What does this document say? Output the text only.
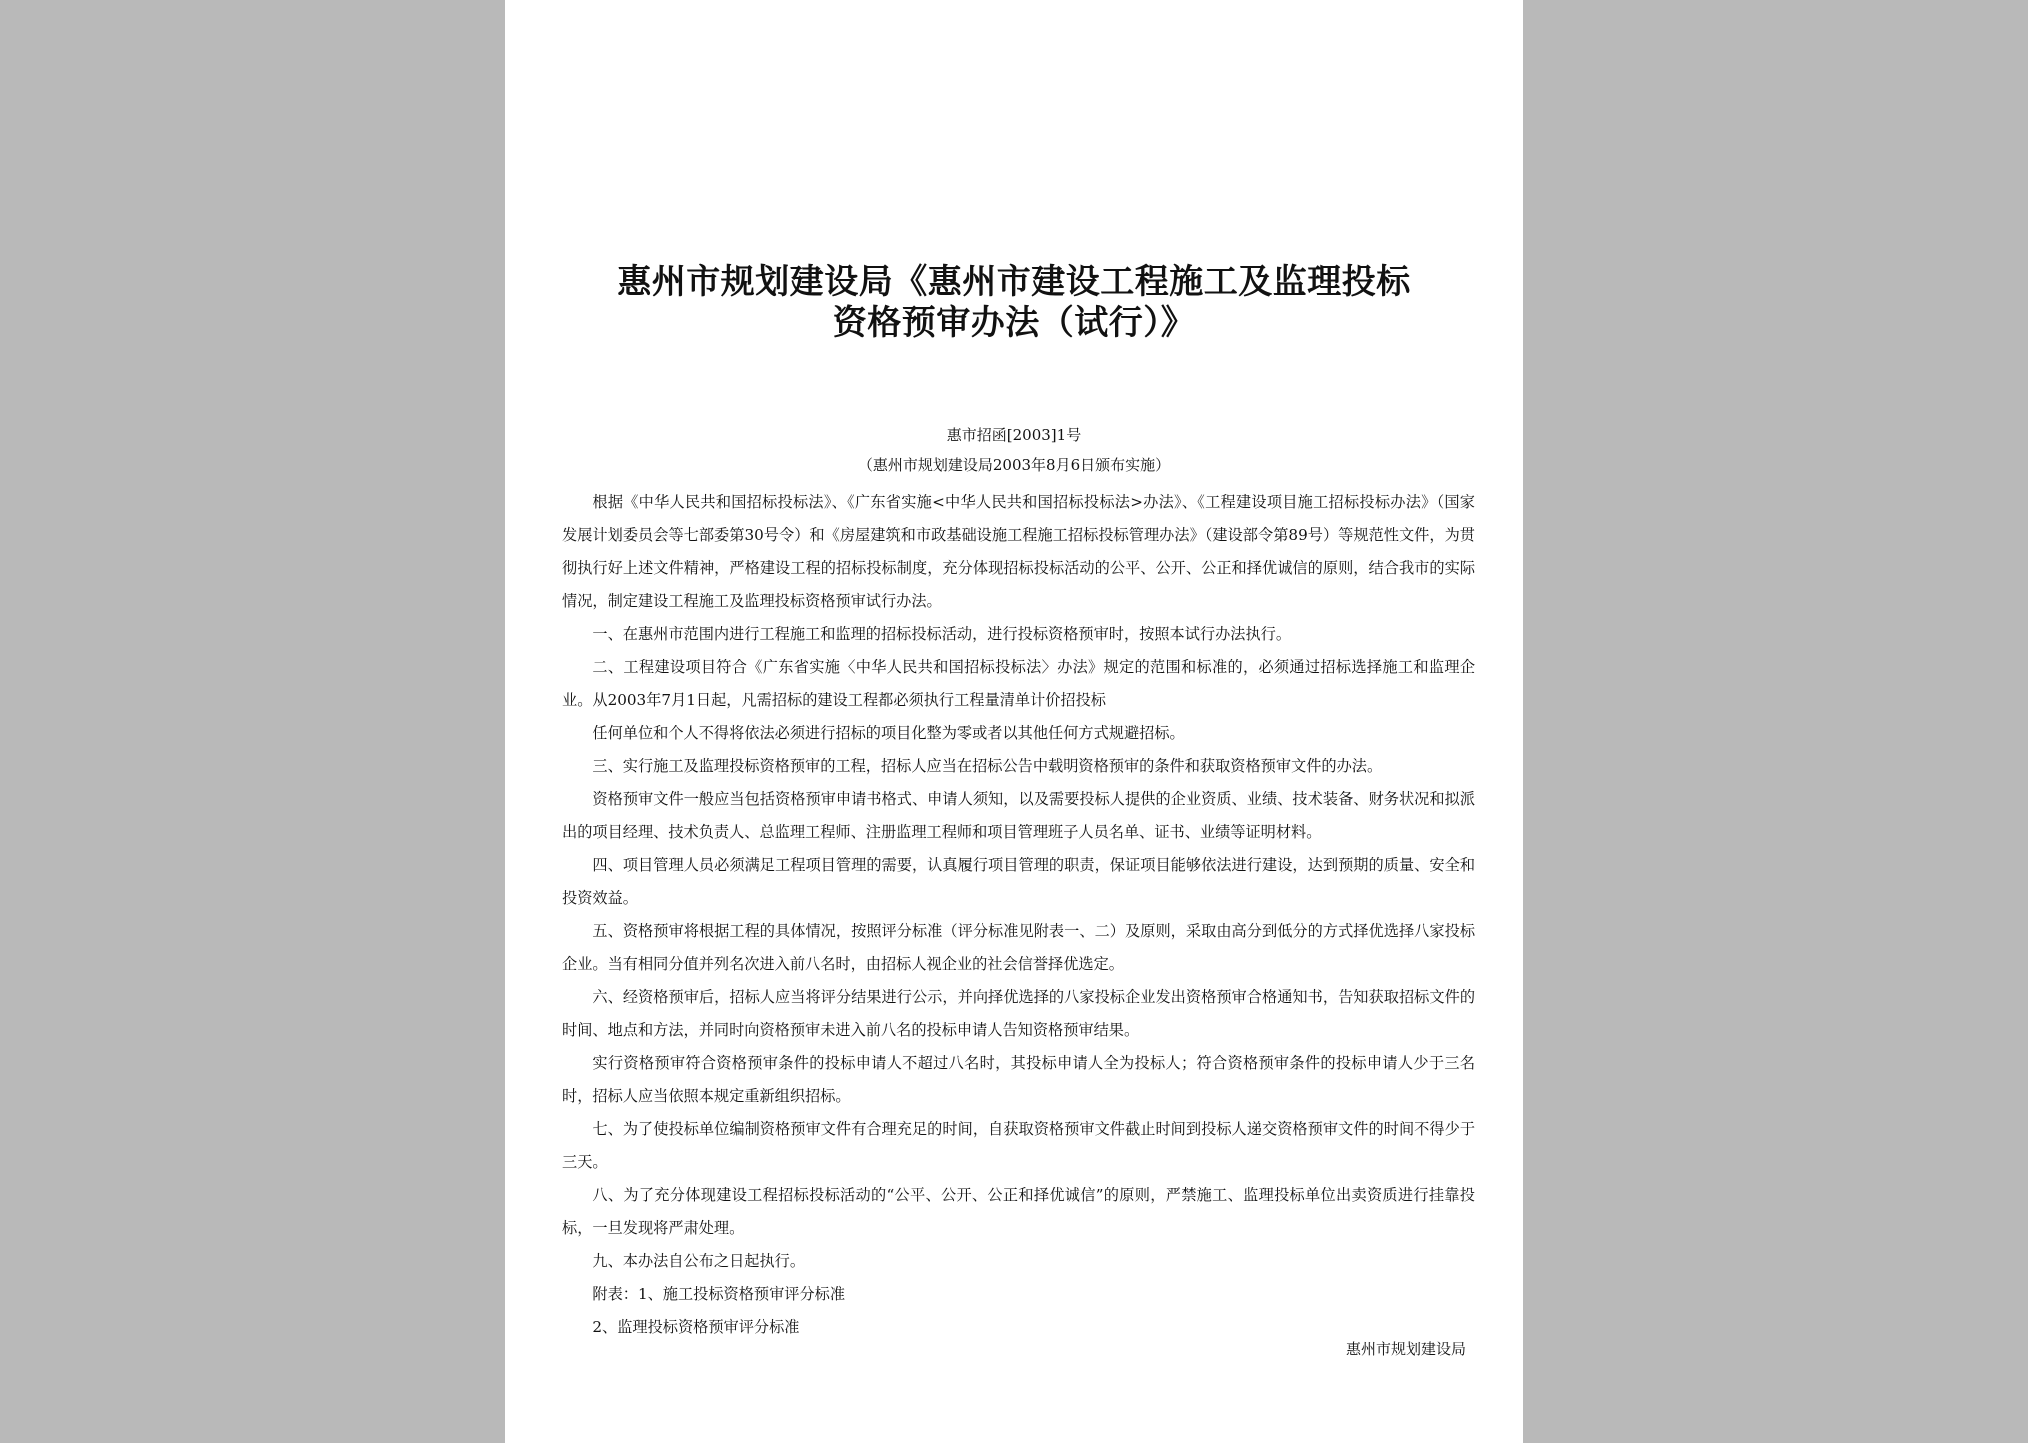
惠州市规划建设局《惠州市建设工程施工及监理投标
资格预审办法（试行）》
惠市招函[2003]1号
（惠州市规划建设局2003年8月6日颁布实施）

根据《中华人民共和国招标投标法》、《广东省实施<中华人民共和国招标投标法>办法》、《工程建设项目施工招标投标办法》（国家发展计划委员会等七部委第30号令）和《房屋建筑和市政基础设施工程施工招标投标管理办法》（建设部令第89号）等规范性文件，为贯彻执行好上述文件精神，严格建设工程的招标投标制度，充分体现招标投标活动的公平、公开、公正和择优诚信的原则，结合我市的实际情况，制定建设工程施工及监理投标资格预审试行办法。

一、在惠州市范围内进行工程施工和监理的招标投标活动，进行投标资格预审时，按照本试行办法执行。

二、工程建设项目符合《广东省实施〈中华人民共和国招标投标法〉办法》规定的范围和标准的，必须通过招标选择施工和监理企业。从2003年7月1日起，凡需招标的建设工程都必须执行工程量清单计价招投标

任何单位和个人不得将依法必须进行招标的项目化整为零或者以其他任何方式规避招标。

三、实行施工及监理投标资格预审的工程，招标人应当在招标公告中载明资格预审的条件和获取资格预审文件的办法。

资格预审文件一般应当包括资格预审申请书格式、申请人须知，以及需要投标人提供的企业资质、业绩、技术装备、财务状况和拟派出的项目经理、技术负责人、总监理工程师、注册监理工程师和项目管理班子人员名单、证书、业绩等证明材料。

四、项目管理人员必须满足工程项目管理的需要，认真履行项目管理的职责，保证项目能够依法进行建设，达到预期的质量、安全和投资效益。

五、资格预审将根据工程的具体情况，按照评分标准（评分标准见附表一、二）及原则，采取由高分到低分的方式择优选择八家投标企业。当有相同分值并列名次进入前八名时，由招标人视企业的社会信誉择优选定。

六、经资格预审后，招标人应当将评分结果进行公示，并向择优选择的八家投标企业发出资格预审合格通知书，告知获取招标文件的时间、地点和方法，并同时向资格预审未进入前八名的投标申请人告知资格预审结果。

实行资格预审符合资格预审条件的投标申请人不超过八名时，其投标申请人全为投标人；符合资格预审条件的投标申请人少于三名时，招标人应当依照本规定重新组织招标。

七、为了使投标单位编制资格预审文件有合理充足的时间，自获取资格预审文件截止时间到投标人递交资格预审文件的时间不得少于三天。

八、为了充分体现建设工程招标投标活动的“公平、公开、公正和择优诚信”的原则，严禁施工、监理投标单位出卖资质进行挂靠投标，一旦发现将严肃处理。

九、本办法自公布之日起执行。

附表：1、施工投标资格预审评分标准

2、监理投标资格预审评分标准

惠州市规划建设局
